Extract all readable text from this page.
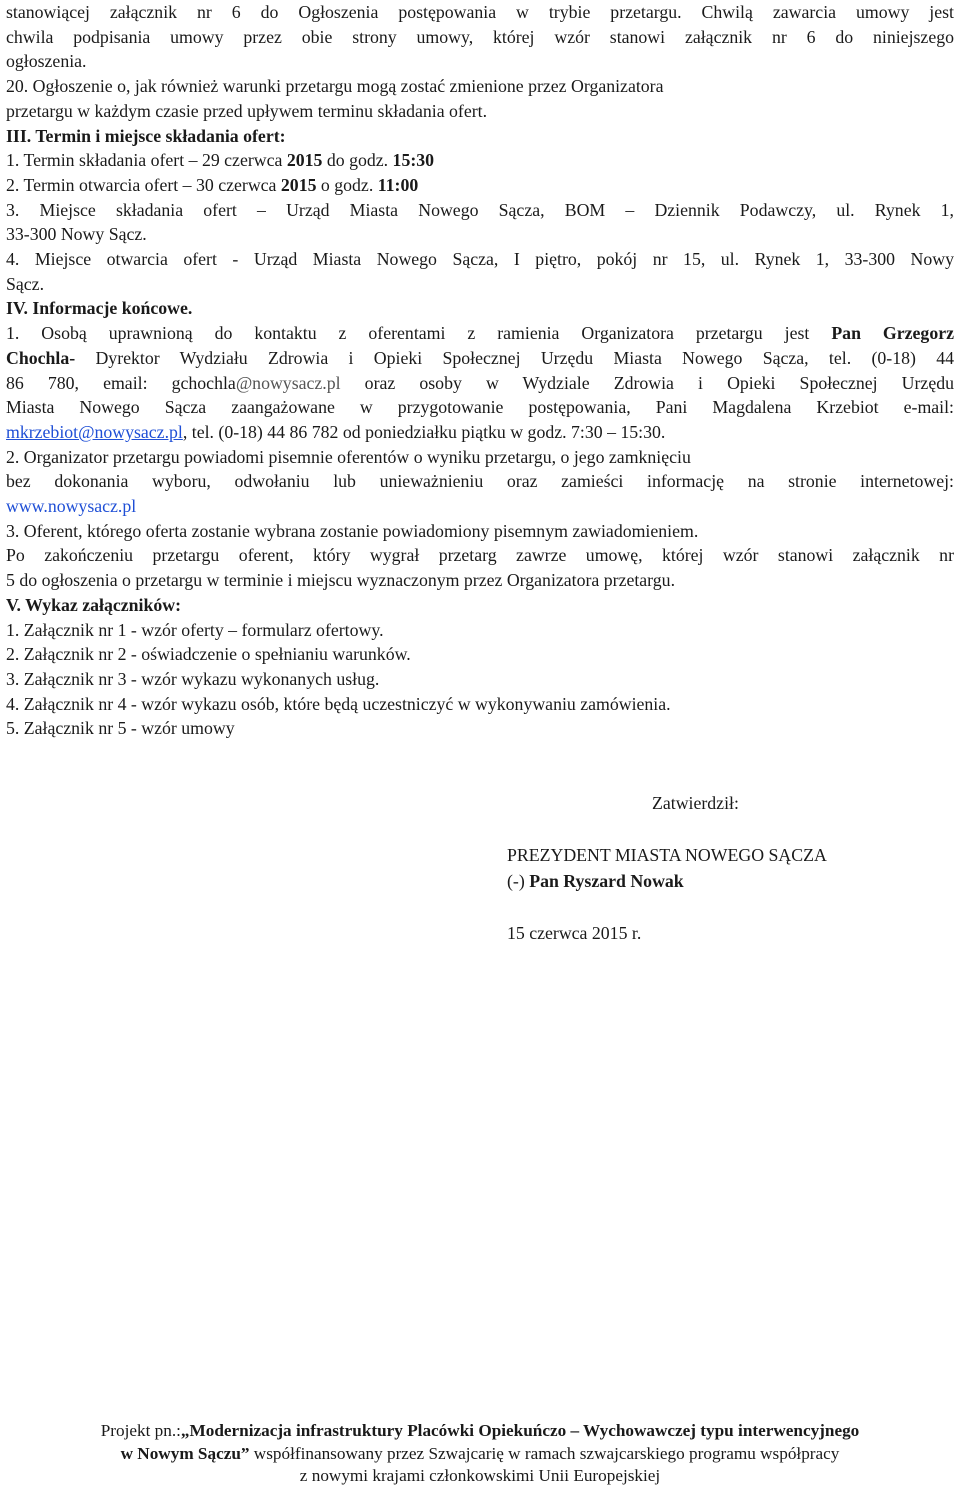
stanowiącej załącznik nr 6 do Ogłoszenia postępowania w trybie przetargu. Chwilą zawarcia umowy jest
chwila podpisania umowy przez obie strony umowy, której wzór stanowi załącznik nr 6 do niniejszego
ogłoszenia.
20. Ogłoszenie o, jak również warunki przetargu mogą zostać zmienione przez Organizatora
przetargu w każdym czasie przed upływem terminu składania ofert.
III. Termin i miejsce składania ofert:
1. Termin składania ofert – 29 czerwca 2015 do godz. 15:30
2. Termin otwarcia ofert – 30 czerwca 2015 o godz. 11:00
3. Miejsce składania ofert – Urząd Miasta Nowego Sącza, BOM – Dziennik Podawczy, ul. Rynek 1,
33-300 Nowy Sącz.
4. Miejsce otwarcia ofert - Urząd Miasta Nowego Sącza, I piętro, pokój nr 15, ul. Rynek 1, 33-300 Nowy
Sącz.
IV. Informacje końcowe.
1. Osobą uprawnioną do kontaktu z oferentami z ramienia Organizatora przetargu jest Pan Grzegorz
Chochla- Dyrektor Wydziału Zdrowia i Opieki Społecznej Urzędu Miasta Nowego Sącza, tel. (0-18) 44
86 780, email: gchochla@nowysacz.pl oraz osoby w Wydziale Zdrowia i Opieki Społecznej Urzędu
Miasta Nowego Sącza zaangażowane w przygotowanie postępowania, Pani Magdalena Krzebiot e-mail:
mkrzebiot@nowysacz.pl, tel. (0-18) 44 86 782 od poniedziałku piątku w godz. 7:30 – 15:30.
2. Organizator przetargu powiadomi pisemnie oferentów o wyniku przetargu, o jego zamknięciu
bez dokonania wyboru, odwołaniu lub unieważnieniu oraz zamieści informację na stronie internetowej:
www.nowysacz.pl
3. Oferent, którego oferta zostanie wybrana zostanie powiadomiony pisemnym zawiadomieniem.
Po zakończeniu przetargu oferent, który wygrał przetarg zawrze umowę, której wzór stanowi załącznik nr
5 do ogłoszenia o przetargu w terminie i miejscu wyznaczonym przez Organizatora przetargu.
V. Wykaz załączników:
1. Załącznik nr 1 - wzór oferty – formularz ofertowy.
2. Załącznik nr 2 - oświadczenie o spełnianiu warunków.
3. Załącznik nr 3 - wzór wykazu wykonanych usług.
4. Załącznik nr 4 - wzór wykazu osób, które będą uczestniczyć w wykonywaniu zamówienia.
5. Załącznik nr 5 - wzór umowy
Zatwierdził:
PREZYDENT MIASTA NOWEGO SĄCZA
(-) Pan Ryszard Nowak
15 czerwca 2015 r.
Projekt pn.:„Modernizacja infrastruktury Placówki Opiekuńczo – Wychowawczej typu interwencyjnego
w Nowym Sączu” współfinansowany przez Szwajcarię w ramach szwajcarskiego programu współpracy
z nowymi krajami członkowskimi Unii Europejskiej
